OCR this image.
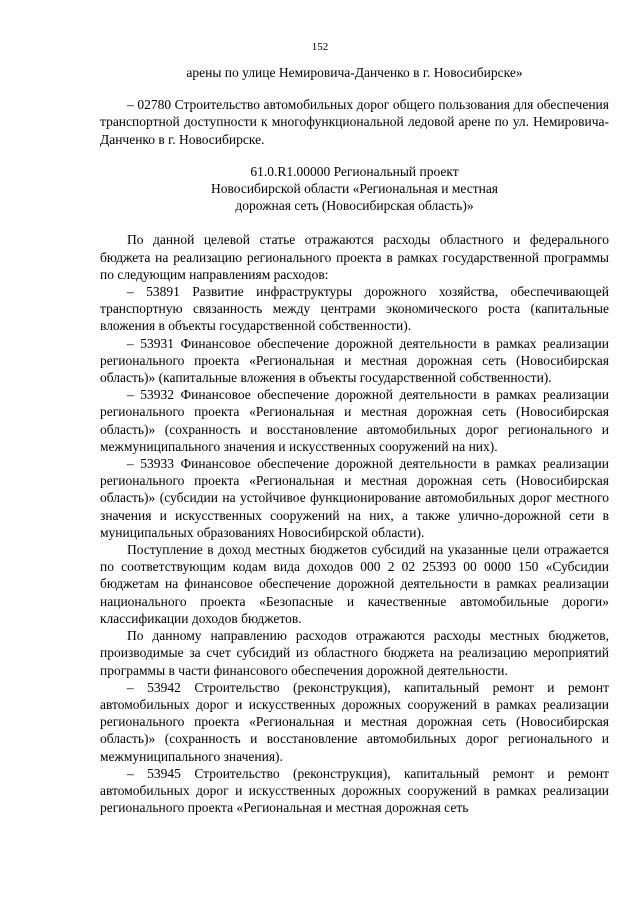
152

арены по улице Немировича-Данченко в г. Новосибирске»

– 02780 Строительство автомобильных дорог общего пользования для обеспечения транспортной доступности к многофункциональной ледовой арене по ул. Немировича-Данченко в г. Новосибирске.

61.0.R1.00000 Региональный проект
Новосибирской области «Региональная и местная
дорожная сеть (Новосибирская область)»

По данной целевой статье отражаются расходы областного и федерального бюджета на реализацию регионального проекта в рамках государственной программы по следующим направлениям расходов:

– 53891 Развитие инфраструктуры дорожного хозяйства, обеспечивающей транспортную связанность между центрами экономического роста (капитальные вложения в объекты государственной собственности).

– 53931 Финансовое обеспечение дорожной деятельности в рамках реализации регионального проекта «Региональная и местная дорожная сеть (Новосибирская область)» (капитальные вложения в объекты государственной собственности).

– 53932 Финансовое обеспечение дорожной деятельности в рамках реализации регионального проекта «Региональная и местная дорожная сеть (Новосибирская область)» (сохранность и восстановление автомобильных дорог регионального и межмуниципального значения и искусственных сооружений на них).

– 53933 Финансовое обеспечение дорожной деятельности в рамках реализации регионального проекта «Региональная и местная дорожная сеть (Новосибирская область)» (субсидии на устойчивое функционирование автомобильных дорог местного значения и искусственных сооружений на них, а также улично-дорожной сети в муниципальных образованиях Новосибирской области).

Поступление в доход местных бюджетов субсидий на указанные цели отражается по соответствующим кодам вида доходов 000 2 02 25393 00 0000 150 «Субсидии бюджетам на финансовое обеспечение дорожной деятельности в рамках реализации национального проекта «Безопасные и качественные автомобильные дороги» классификации доходов бюджетов.

По данному направлению расходов отражаются расходы местных бюджетов, производимые за счет субсидий из областного бюджета на реализацию мероприятий программы в части финансового обеспечения дорожной деятельности.

– 53942 Строительство (реконструкция), капитальный ремонт и ремонт автомобильных дорог и искусственных дорожных сооружений в рамках реализации регионального проекта «Региональная и местная дорожная сеть (Новосибирская область)» (сохранность и восстановление автомобильных дорог регионального и межмуниципального значения).

– 53945 Строительство (реконструкция), капитальный ремонт и ремонт автомобильных дорог и искусственных дорожных сооружений в рамках реализации регионального проекта «Региональная и местная дорожная сеть
